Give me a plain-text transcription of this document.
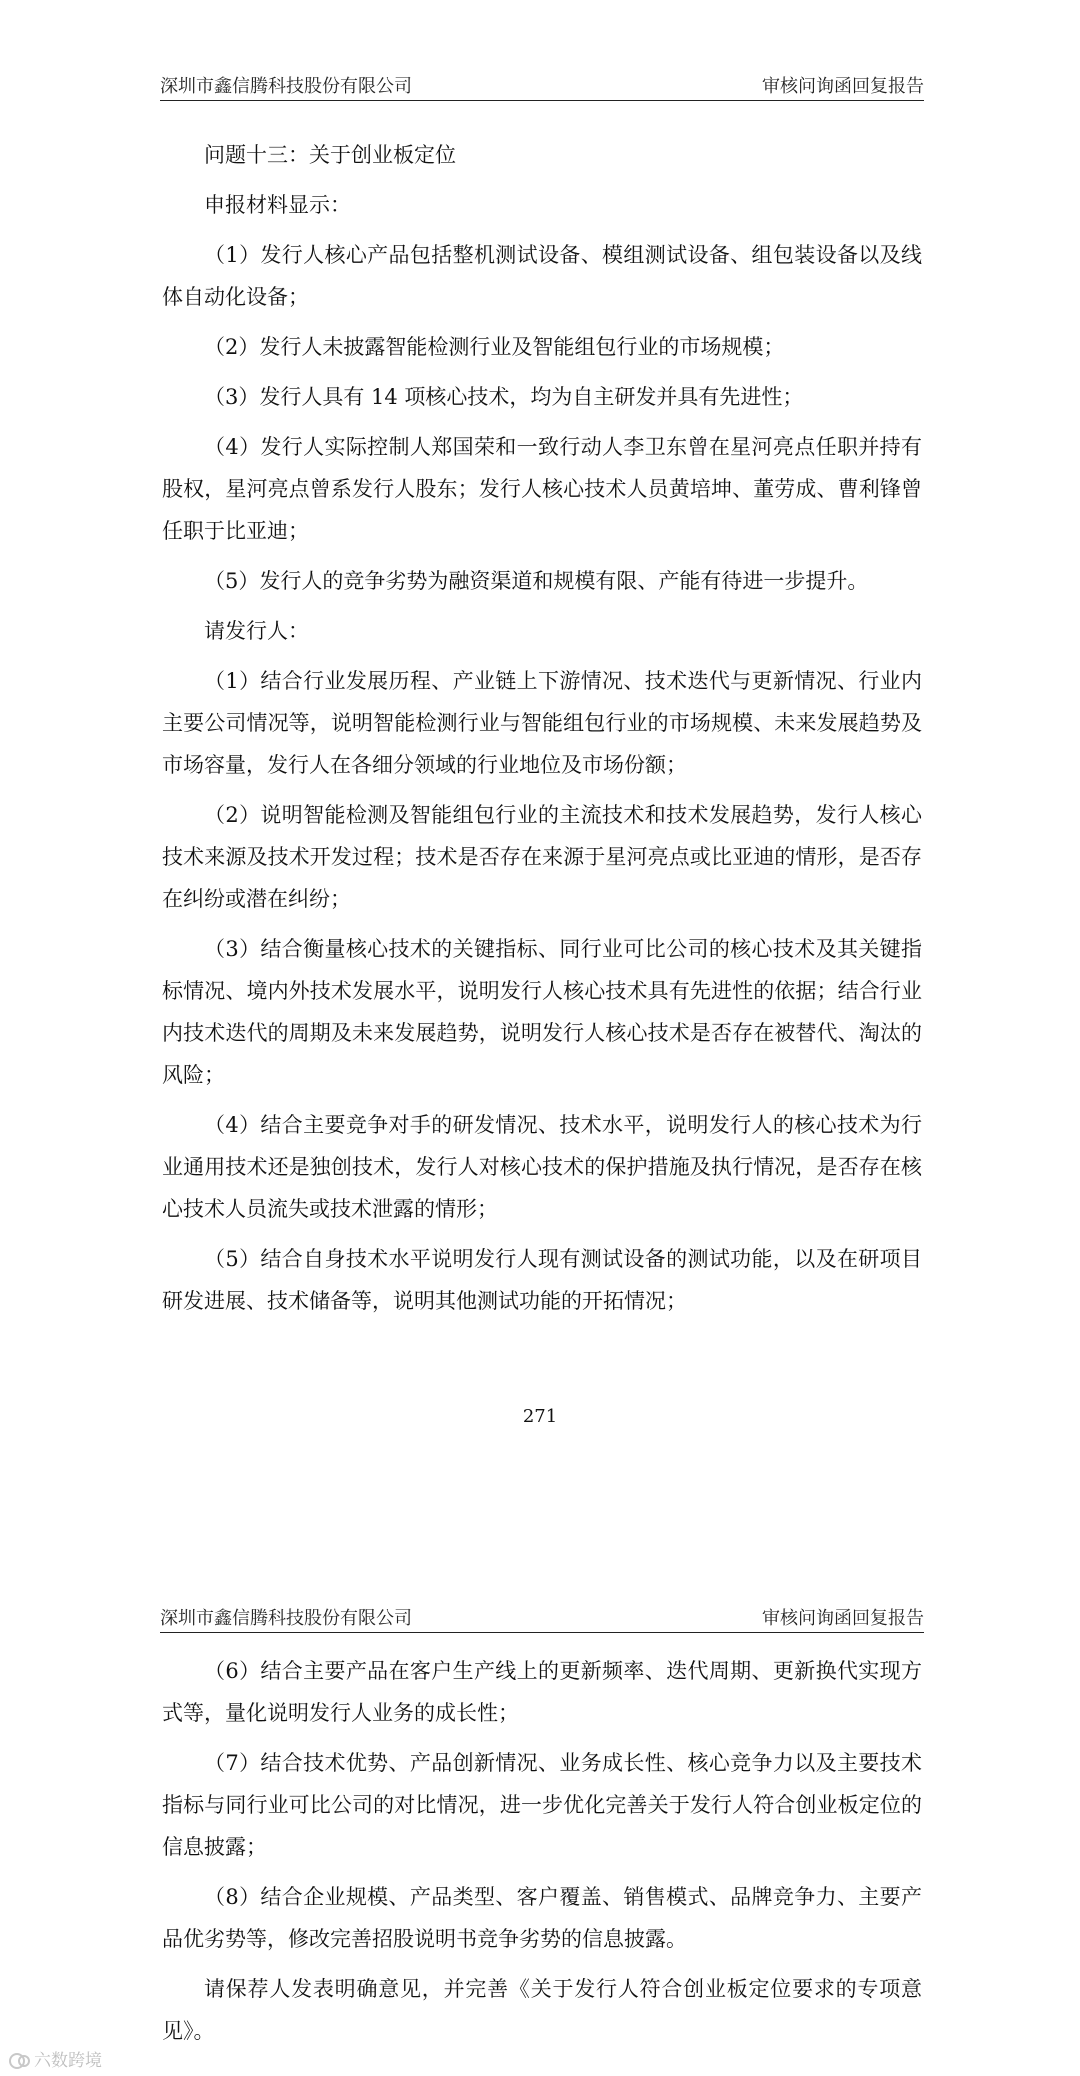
深圳市鑫信腾科技股份有限公司	审核问询函回复报告

问题十三：关于创业板定位

申报材料显示：

（1）发行人核心产品包括整机测试设备、模组测试设备、组包装设备以及线体自动化设备；

（2）发行人未披露智能检测行业及智能组包行业的市场规模；

（3）发行人具有 14 项核心技术，均为自主研发并具有先进性；

（4）发行人实际控制人郑国荣和一致行动人李卫东曾在星河亮点任职并持有股权，星河亮点曾系发行人股东；发行人核心技术人员黄培坤、董劳成、曹利锋曾任职于比亚迪；

（5）发行人的竞争劣势为融资渠道和规模有限、产能有待进一步提升。

请发行人：

（1）结合行业发展历程、产业链上下游情况、技术迭代与更新情况、行业内主要公司情况等，说明智能检测行业与智能组包行业的市场规模、未来发展趋势及市场容量，发行人在各细分领域的行业地位及市场份额；

（2）说明智能检测及智能组包行业的主流技术和技术发展趋势，发行人核心技术来源及技术开发过程；技术是否存在来源于星河亮点或比亚迪的情形，是否存在纠纷或潜在纠纷；

（3）结合衡量核心技术的关键指标、同行业可比公司的核心技术及其关键指标情况、境内外技术发展水平，说明发行人核心技术具有先进性的依据；结合行业内技术迭代的周期及未来发展趋势，说明发行人核心技术是否存在被替代、淘汰的风险；

（4）结合主要竞争对手的研发情况、技术水平，说明发行人的核心技术为行业通用技术还是独创技术，发行人对核心技术的保护措施及执行情况，是否存在核心技术人员流失或技术泄露的情形；

（5）结合自身技术水平说明发行人现有测试设备的测试功能，以及在研项目研发进展、技术储备等，说明其他测试功能的开拓情况；

271
深圳市鑫信腾科技股份有限公司	审核问询函回复报告

（6）结合主要产品在客户生产线上的更新频率、迭代周期、更新换代实现方式等，量化说明发行人业务的成长性；

（7）结合技术优势、产品创新情况、业务成长性、核心竞争力以及主要技术指标与同行业可比公司的对比情况，进一步优化完善关于发行人符合创业板定位的信息披露；

（8）结合企业规模、产品类型、客户覆盖、销售模式、品牌竞争力、主要产品优劣势等，修改完善招股说明书竞争劣势的信息披露。

请保荐人发表明确意见，并完善《关于发行人符合创业板定位要求的专项意见》。

六数跨境
